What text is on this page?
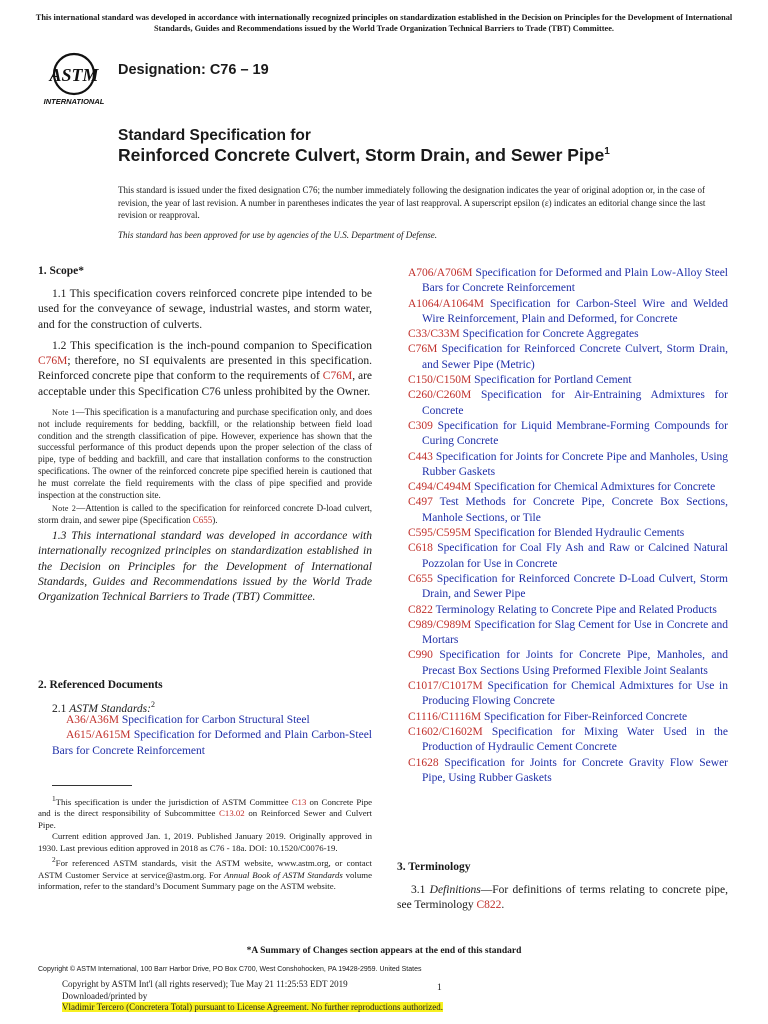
This international standard was developed in accordance with internationally recognized principles on standardization established in the Decision on Principles for the Development of International Standards, Guides and Recommendations issued by the World Trade Organization Technical Barriers to Trade (TBT) Committee.
ASTM
INTERNATIONAL
Designation: C76 – 19
Standard Specification for
Reinforced Concrete Culvert, Storm Drain, and Sewer Pipe$^1$
This standard is issued under the fixed designation C76; the number immediately following the designation indicates the year of original adoption or, in the case of revision, the year of last revision. A number in parentheses indicates the year of last reapproval. A superscript epsilon (ε) indicates an editorial change since the last revision or reapproval.
This standard has been approved for use by agencies of the U.S. Department of Defense.
1. Scope*

1.1 This specification covers reinforced concrete pipe intended to be used for the conveyance of sewage, industrial wastes, and storm water, and for the construction of culverts.

1.2 This specification is the inch-pound companion to Specification C76M; therefore, no SI equivalents are presented in this specification. Reinforced concrete pipe that conform to the requirements of C76M, are acceptable under this Specification C76 unless prohibited by the Owner.

Note 1—This specification is a manufacturing and purchase specification only, and does not include requirements for bedding, backfill, or the relationship between field load condition and the strength classification of pipe. However, experience has shown that the successful performance of this product depends upon the proper selection of the class of pipe, type of bedding and backfill, and care that installation conforms to the construction specifications. The owner of the reinforced concrete pipe specified herein is cautioned that he must correlate the field requirements with the class of pipe specified and provide inspection at the construction site.
Note 2—Attention is called to the specification for reinforced concrete D-load culvert, storm drain, and sewer pipe (Specification C655).

1.3 This international standard was developed in accordance with internationally recognized principles on standardization established in the Decision on Principles for the Development of International Standards, Guides and Recommendations issued by the World Trade Organization Technical Barriers to Trade (TBT) Committee.

2. Referenced Documents

2.1 ASTM Standards:$^2$

A36/A36M Specification for Carbon Structural Steel

A615/A615M Specification for Deformed and Plain Carbon-Steel Bars for Concrete Reinforcement

$^1$This specification is under the jurisdiction of ASTM Committee C13 on Concrete Pipe and is the direct responsibility of Subcommittee C13.02 on Reinforced Sewer and Culvert Pipe.

Current edition approved Jan. 1, 2019. Published January 2019. Originally approved in 1930. Last previous edition approved in 2018 as C76 - 18a. DOI: 10.1520/C0076-19.

$^2$For referenced ASTM standards, visit the ASTM website, www.astm.org, or contact ASTM Customer Service at service@astm.org. For Annual Book of ASTM Standards volume information, refer to the standard’s Document Summary page on the ASTM website.

A706/A706M Specification for Deformed and Plain Low-Alloy Steel Bars for Concrete Reinforcement

A1064/A1064M Specification for Carbon-Steel Wire and Welded Wire Reinforcement, Plain and Deformed, for Concrete

C33/C33M Specification for Concrete Aggregates

C76M Specification for Reinforced Concrete Culvert, Storm Drain, and Sewer Pipe (Metric)

C150/C150M Specification for Portland Cement

C260/C260M Specification for Air-Entraining Admixtures for Concrete

C309 Specification for Liquid Membrane-Forming Compounds for Curing Concrete

C443 Specification for Joints for Concrete Pipe and Manholes, Using Rubber Gaskets

C494/C494M Specification for Chemical Admixtures for Concrete

C497 Test Methods for Concrete Pipe, Concrete Box Sections, Manhole Sections, or Tile

C595/C595M Specification for Blended Hydraulic Cements

C618 Specification for Coal Fly Ash and Raw or Calcined Natural Pozzolan for Use in Concrete

C655 Specification for Reinforced Concrete D-Load Culvert, Storm Drain, and Sewer Pipe

C822 Terminology Relating to Concrete Pipe and Related Products

C989/C989M Specification for Slag Cement for Use in Concrete and Mortars

C990 Specification for Joints for Concrete Pipe, Manholes, and Precast Box Sections Using Preformed Flexible Joint Sealants

C1017/C1017M Specification for Chemical Admixtures for Use in Producing Flowing Concrete

C1116/C1116M Specification for Fiber-Reinforced Concrete

C1602/C1602M Specification for Mixing Water Used in the Production of Hydraulic Cement Concrete

C1628 Specification for Joints for Concrete Gravity Flow Sewer Pipe, Using Rubber Gaskets

3. Terminology
3.1 Definitions—For definitions of terms relating to concrete pipe, see Terminology C822.
*A Summary of Changes section appears at the end of this standard
Copyright © ASTM International, 100 Barr Harbor Drive, PO Box C700, West Conshohocken, PA 19428-2959. United States
Copyright by ASTM Int'l (all rights reserved); Tue May 21 11:25:53 EDT 2019
Downloaded/printed by
Vladimir Tercero (Concretera Total) pursuant to License Agreement. No further reproductions authorized.
1
